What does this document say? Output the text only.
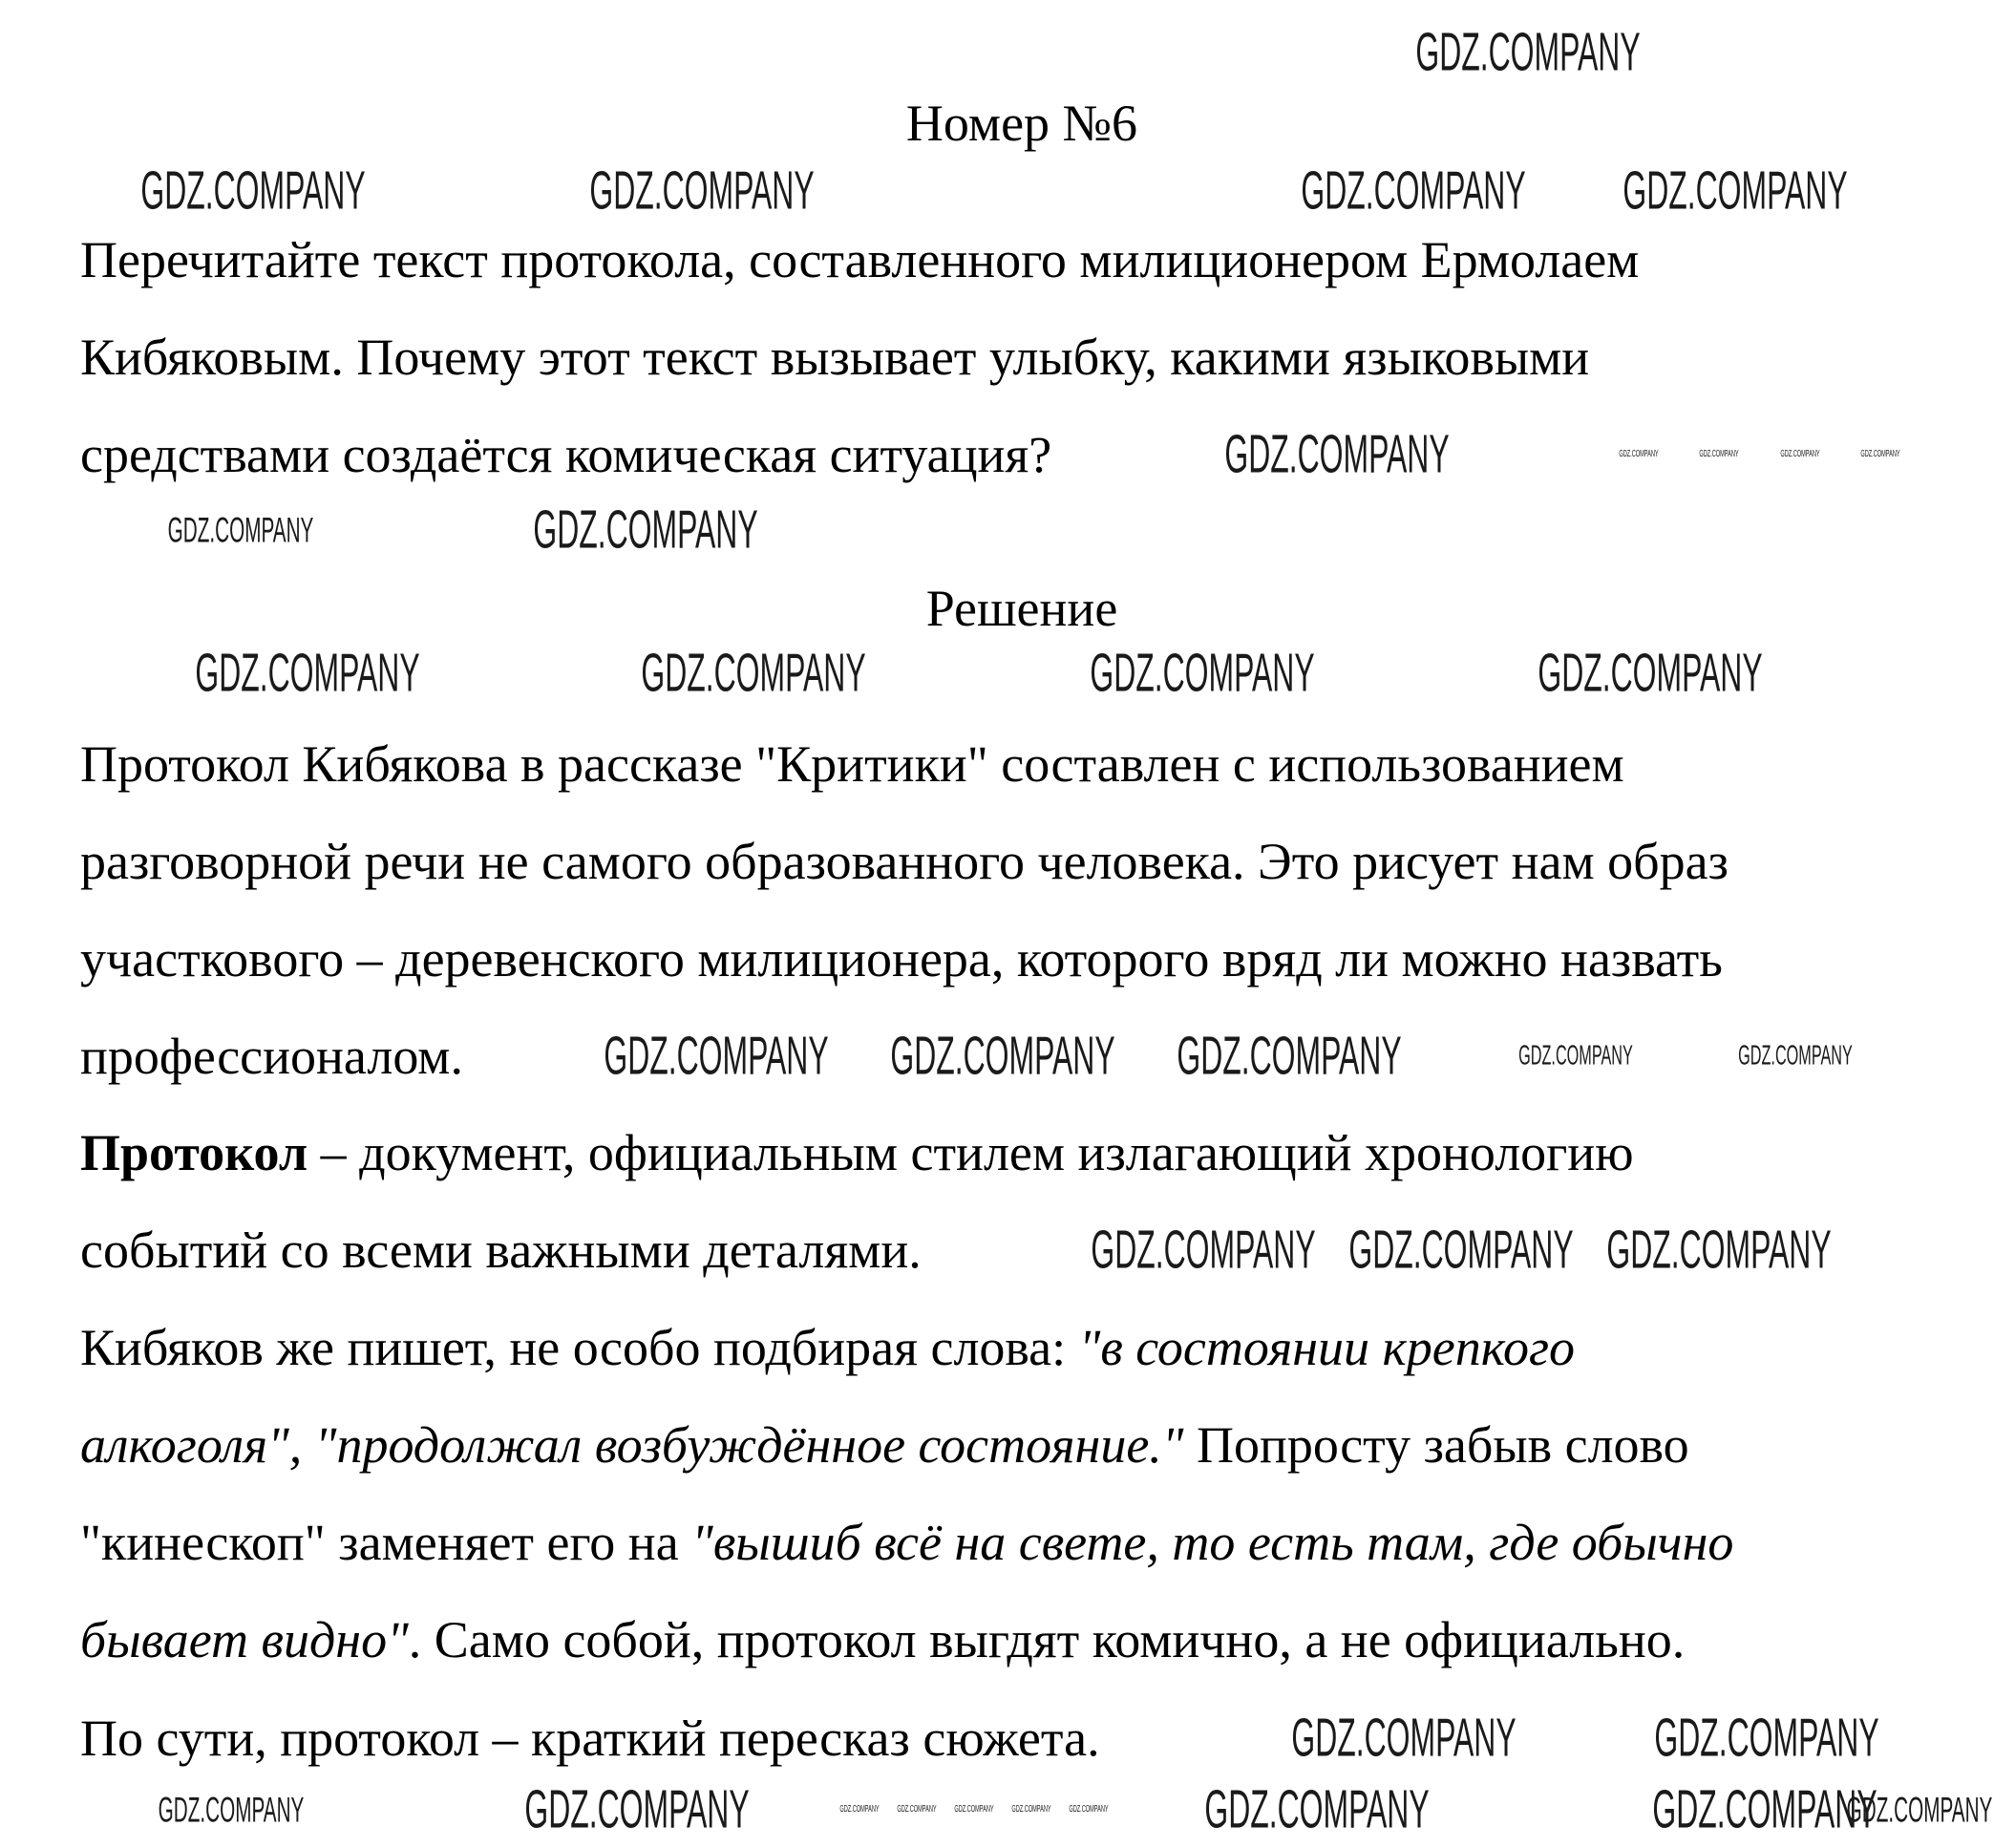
GDZ.COMPANY
GDZ.COMPANY	GDZ.COMPANY	GDZ.COMPANY GDZ.COMPANY
GDZ.COMPANY	GDZ.COMPANY	GDZ.COMPANY	GDZ.COMPANY	GDZ.COMPANY
GDZ.COMPANY	GDZ.COMPANY
GDZ.COMPANY	GDZ.COMPANY	GDZ.COMPANY	GDZ.COMPANY
GDZ.COMPANY GDZ.COMPANY GDZ.COMPANY	GDZ.COMPANY	GDZ.COMPANY
GDZ.COMPANY GDZ.COMPANY GDZ.COMPANY
GDZ.COMPANY	GDZ.COMPANY
GDZ.COMPANY	GDZ.COMPANY	GDZ.COMPANY GDZ.COMPANY GDZ.COMPANY GDZ.COMPANY GDZ.COMPANY GDZ.COMPANY	GDZ.COMPANY
GDZ.COMPANY
Номер №6
Перечитайте текст протокола, составленного милиционером Ермолаем
Кибяковым. Почему этот текст вызывает улыбку, какими языковыми
средствами создаётся комическая ситуация?
Решение
Протокол Кибякова в рассказе "Критики" составлен с использованием
разговорной речи не самого образованного человека. Это рисует нам образ
участкового – деревенского милиционера, которого вряд ли можно назвать
профессионалом.
Протокол – документ, официальным стилем излагающий хронологию
событий со всеми важными деталями.
Кибяков же пишет, не особо подбирая слова: "в состоянии крепкого
алкоголя", "продолжал возбуждённое состояние." Попросту забыв слово
"кинескоп" заменяет его на "вышиб всё на свете, то есть там, где обычно
бывает видно". Само собой, протокол выгдят комично, а не официально.
По сути, протокол – краткий пересказ сюжета.
